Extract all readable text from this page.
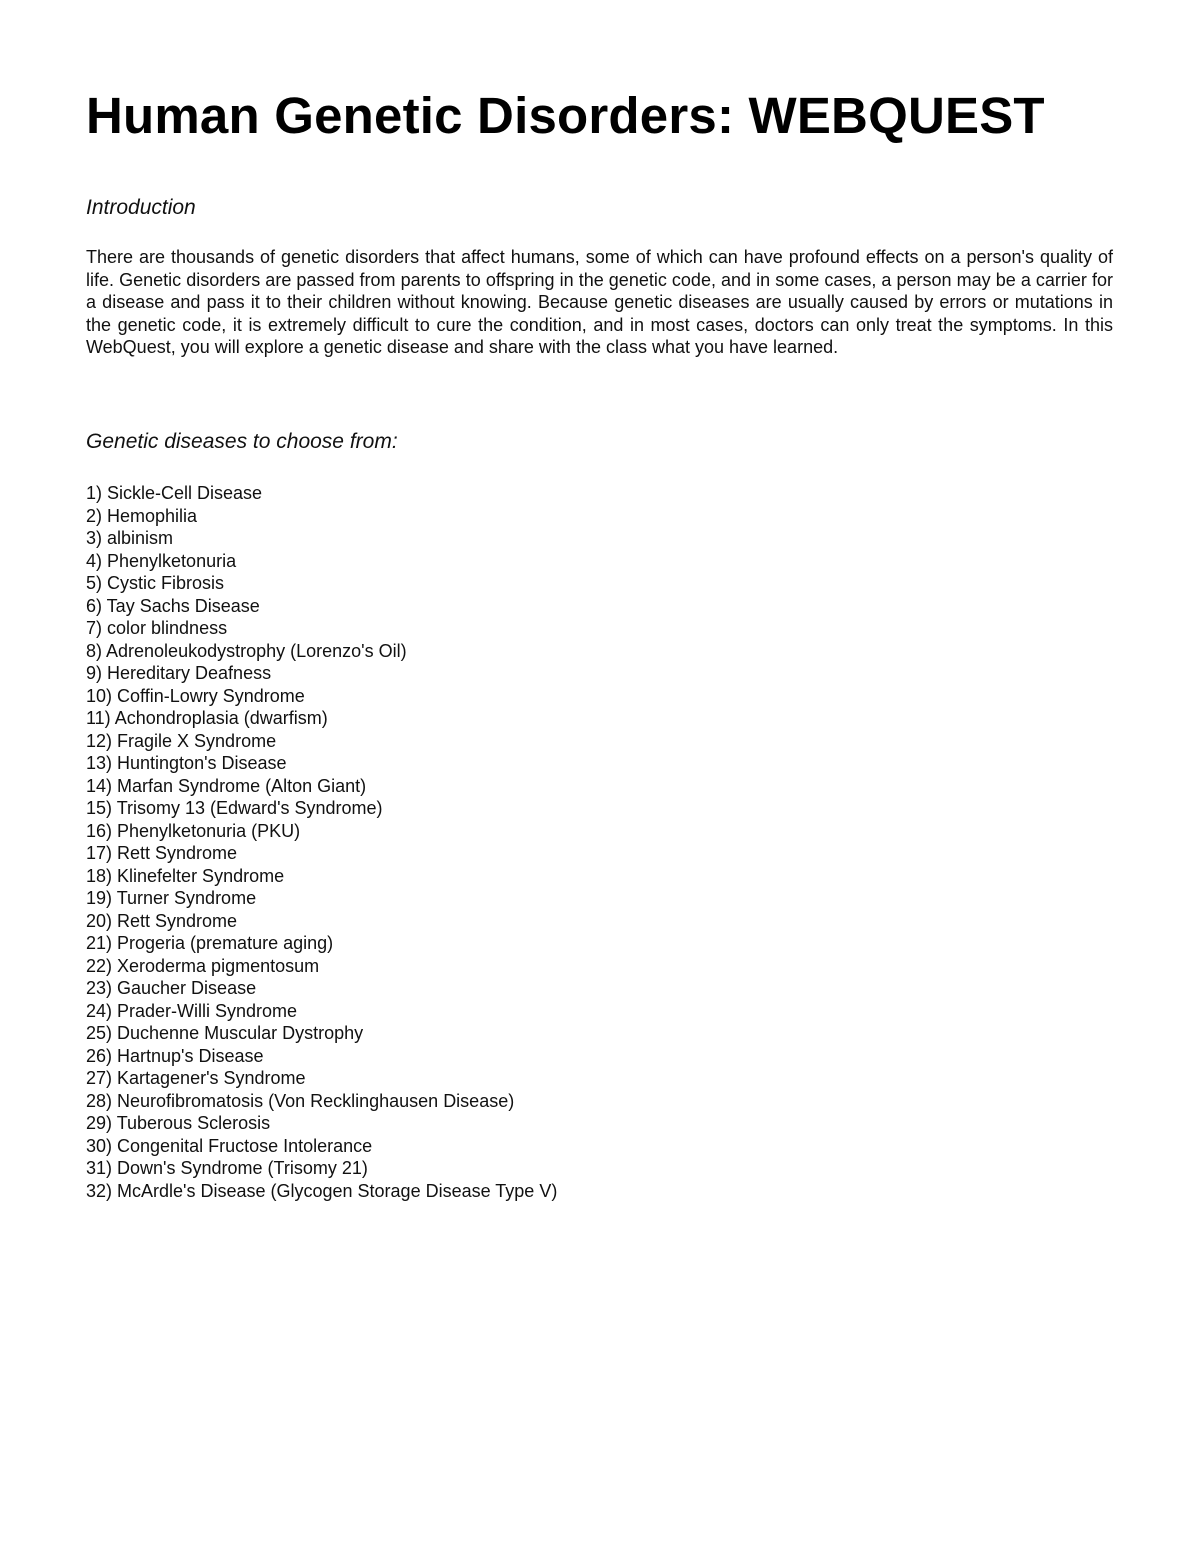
Human Genetic Disorders: WEBQUEST
Introduction

There are thousands of genetic disorders that affect humans, some of which can have profound effects on a person's quality of life. Genetic disorders are passed from parents to offspring in the genetic code, and in some cases, a person may be a carrier for a disease and pass it to their children without knowing. Because genetic diseases are usually caused by errors or mutations in the genetic code, it is extremely difficult to cure the condition, and in most cases, doctors can only treat the symptoms. In this WebQuest, you will explore a genetic disease and share with the class what you have learned.

Genetic diseases to choose from:
1) Sickle-Cell Disease
2) Hemophilia
3) albinism
4) Phenylketonuria
5) Cystic Fibrosis
6) Tay Sachs Disease
7) color blindness
8) Adrenoleukodystrophy (Lorenzo's Oil)
9) Hereditary Deafness
10) Coffin-Lowry Syndrome
11) Achondroplasia (dwarfism)
12) Fragile X Syndrome
13) Huntington's Disease
14) Marfan Syndrome (Alton Giant)
15) Trisomy 13 (Edward's Syndrome)
16) Phenylketonuria (PKU)
17) Rett Syndrome
18) Klinefelter Syndrome
19) Turner Syndrome
20) Rett Syndrome
21) Progeria (premature aging)
22) Xeroderma pigmentosum
23) Gaucher Disease
24) Prader-Willi Syndrome
25) Duchenne Muscular Dystrophy
26) Hartnup's Disease
27) Kartagener's Syndrome
28) Neurofibromatosis (Von Recklinghausen Disease)
29) Tuberous Sclerosis
30) Congenital Fructose Intolerance
31) Down's Syndrome (Trisomy 21)
32) McArdle's Disease (Glycogen Storage Disease Type V)
